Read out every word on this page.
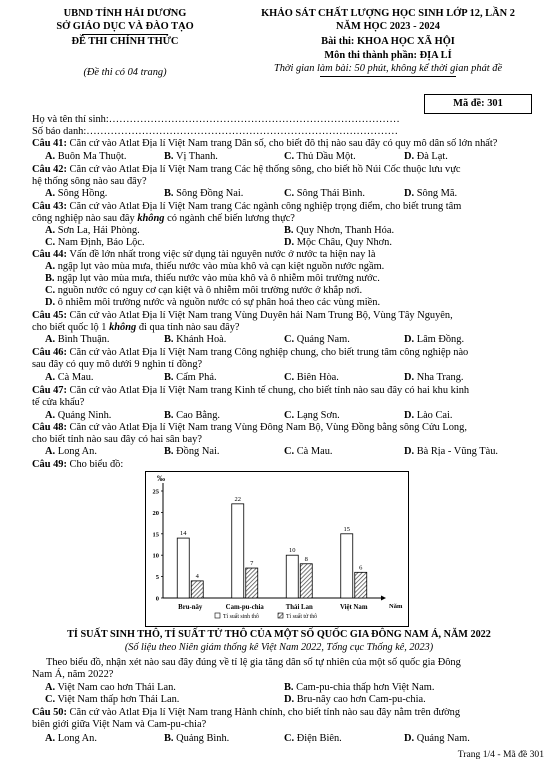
UBND TỈNH HẢI DƯƠNG
SỞ GIÁO DỤC VÀ ĐÀO TẠO
ĐỀ THI CHÍNH THỨC
(Đề thi có 04 trang)
KHẢO SÁT CHẤT LƯỢNG HỌC SINH LỚP 12, LẦN 2
NĂM HỌC 2023 - 2024
Bài thi: KHOA HỌC XÃ HỘI
Môn thi thành phần: ĐỊA LÍ
Thời gian làm bài: 50 phút, không kể thời gian phát đề
Mã đề: 301
Họ và tên thí sinh:…………………………………………………………………………
Số báo danh:………………………………………………………………………………
Câu 41: Căn cứ vào Atlat Địa lí Việt Nam trang Dân số, cho biết đô thị nào sau đây có quy mô dân số lớn nhất?
A. Buôn Ma Thuột.	B. Vị Thanh.	C. Thủ Dầu Một.	D. Đà Lạt.
Câu 42: Căn cứ vào Atlat Địa lí Việt Nam trang Các hệ thống sông, cho biết hồ Núi Cốc thuộc lưu vực
hệ thống sông nào sau đây?
A. Sông Hồng.	B. Sông Đồng Nai.	C. Sông Thái Bình.	D. Sông Mã.
Câu 43: Căn cứ vào Atlat Địa lí Việt Nam trang Các ngành công nghiệp trọng điểm, cho biết trung tâm
công nghiệp nào sau đây không có ngành chế biến lương thực?
A. Sơn La, Hải Phòng.	B. Quy Nhơn, Thanh Hóa.
C. Nam Định, Bảo Lộc.	D. Mộc Châu, Quy Nhơn.
Câu 44: Vấn đề lớn nhất trong việc sử dụng tài nguyên nước ở nước ta hiện nay là
A. ngập lụt vào mùa mưa, thiếu nước vào mùa khô và cạn kiệt nguồn nước ngầm.
B. ngập lụt vào mùa mưa, thiếu nước vào mùa khô và ô nhiễm môi trường nước.
C. nguồn nước có nguy cơ cạn kiệt và ô nhiễm môi trường nước ở khắp nơi.
D. ô nhiễm môi trường nước và nguồn nước có sự phân hoá theo các vùng miền.
Câu 45: Căn cứ vào Atlat Địa lí Việt Nam trang Vùng Duyên hải Nam Trung Bộ, Vùng Tây Nguyên,
cho biết quốc lộ 1 không đi qua tỉnh nào sau đây?
A. Bình Thuận.	B. Khánh Hoà.	C. Quảng Nam.	D. Lâm Đồng.
Câu 46: Căn cứ vào Atlat Địa lí Việt Nam trang Công nghiệp chung, cho biết trung tâm công nghiệp nào
sau đây có quy mô dưới 9 nghìn tỉ đồng?
A. Cà Mau.	B. Cẩm Phả.	C. Biên Hòa.	D. Nha Trang.
Câu 47: Căn cứ vào Atlat Địa lí Việt Nam trang Kinh tế chung, cho biết tỉnh nào sau đây có hai khu kinh
tế cửa khẩu?
A. Quảng Ninh.	B. Cao Bằng.	C. Lạng Sơn.	D. Lào Cai.
Câu 48: Căn cứ vào Atlat Địa lí Việt Nam trang Vùng Đông Nam Bộ, Vùng Đồng bằng sông Cửu Long,
cho biết tỉnh nào sau đây có hai sân bay?
A. Long An.	B. Đồng Nai.	C. Cà Mau.	D. Bà Rịa - Vũng Tàu.
Câu 49: Cho biểu đồ:
‰
0
5
10
15
20
25
Năm
14
4
Bru-nây
22
7
Cam-pu-chia
10
8
Thái Lan
15
6
Việt Nam
Tỉ suất sinh thô	Tỉ suất tử thô
TỈ SUẤT SINH THÔ, TỈ SUẤT TỬ THÔ CỦA MỘT SỐ QUỐC GIA ĐÔNG NAM Á, NĂM 2022
(Số liệu theo Niên giám thống kê Việt Nam 2022, Tổng cục Thống kê, 2023)
Theo biểu đồ, nhận xét nào sau đây đúng về tỉ lệ gia tăng dân số tự nhiên của một số quốc gia Đông
Nam Á, năm 2022?
A. Việt Nam cao hơn Thái Lan.	B. Cam-pu-chia thấp hơn Việt Nam.
C. Việt Nam thấp hơn Thái Lan.	D. Bru-nây cao hơn Cam-pu-chia.
Câu 50: Căn cứ vào Atlat Địa lí Việt Nam trang Hành chính, cho biết tỉnh nào sau đây nằm trên đường
biên giới giữa Việt Nam và Cam-pu-chia?
A. Long An.	B. Quảng Bình.	C. Điện Biên.	D. Quảng Nam.
Trang 1/4 - Mã đề 301
